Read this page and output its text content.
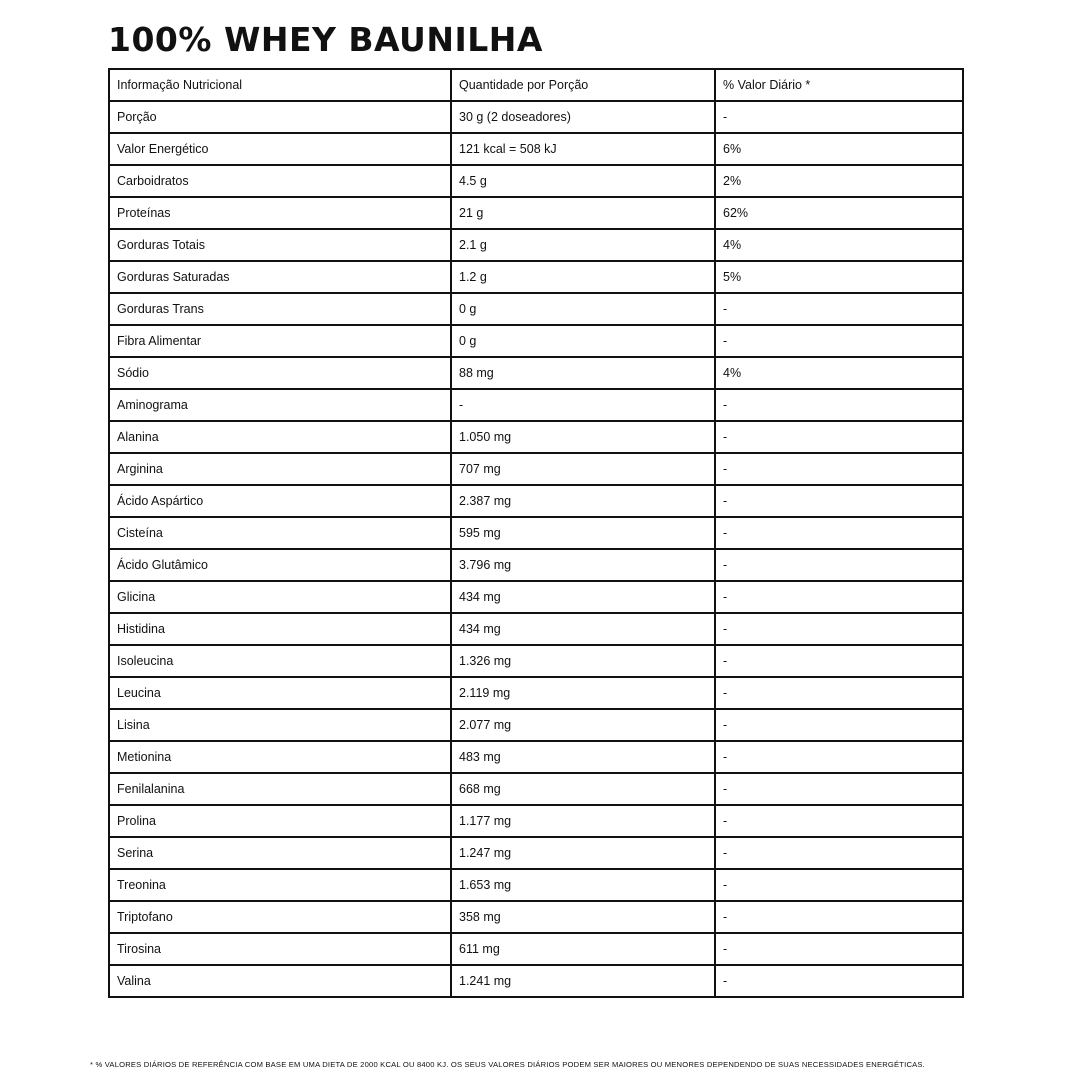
100% WHEY BAUNILHA
Informação Nutricional	Quantidade por Porção	% Valor Diário *
Porção	30 g (2 doseadores)	-
Valor Energético	121 kcal = 508 kJ	6%
Carboidratos	4.5 g	2%
Proteínas	21 g	62%
Gorduras Totais	2.1 g	4%
Gorduras Saturadas	1.2 g	5%
Gorduras Trans	0 g	-
Fibra Alimentar	0 g	-
Sódio	88 mg	4%
Aminograma	-	-
Alanina	1.050 mg	-
Arginina	707 mg	-
Ácido Aspártico	2.387 mg	-
Cisteína	595 mg	-
Ácido Glutâmico	3.796 mg	-
Glicina	434 mg	-
Histidina	434 mg	-
Isoleucina	1.326 mg	-
Leucina	2.119 mg	-
Lisina	2.077 mg	-
Metionina	483 mg	-
Fenilalanina	668 mg	-
Prolina	1.177 mg	-
Serina	1.247 mg	-
Treonina	1.653 mg	-
Triptofano	358 mg	-
Tirosina	611 mg	-
Valina	1.241 mg	-

* % VALORES DIÁRIOS DE REFERÊNCIA COM BASE EM UMA DIETA DE 2000 KCAL OU 8400 KJ. OS SEUS VALORES DIÁRIOS PODEM SER MAIORES OU MENORES DEPENDENDO DE SUAS NECESSIDADES ENERGÉTICAS.
